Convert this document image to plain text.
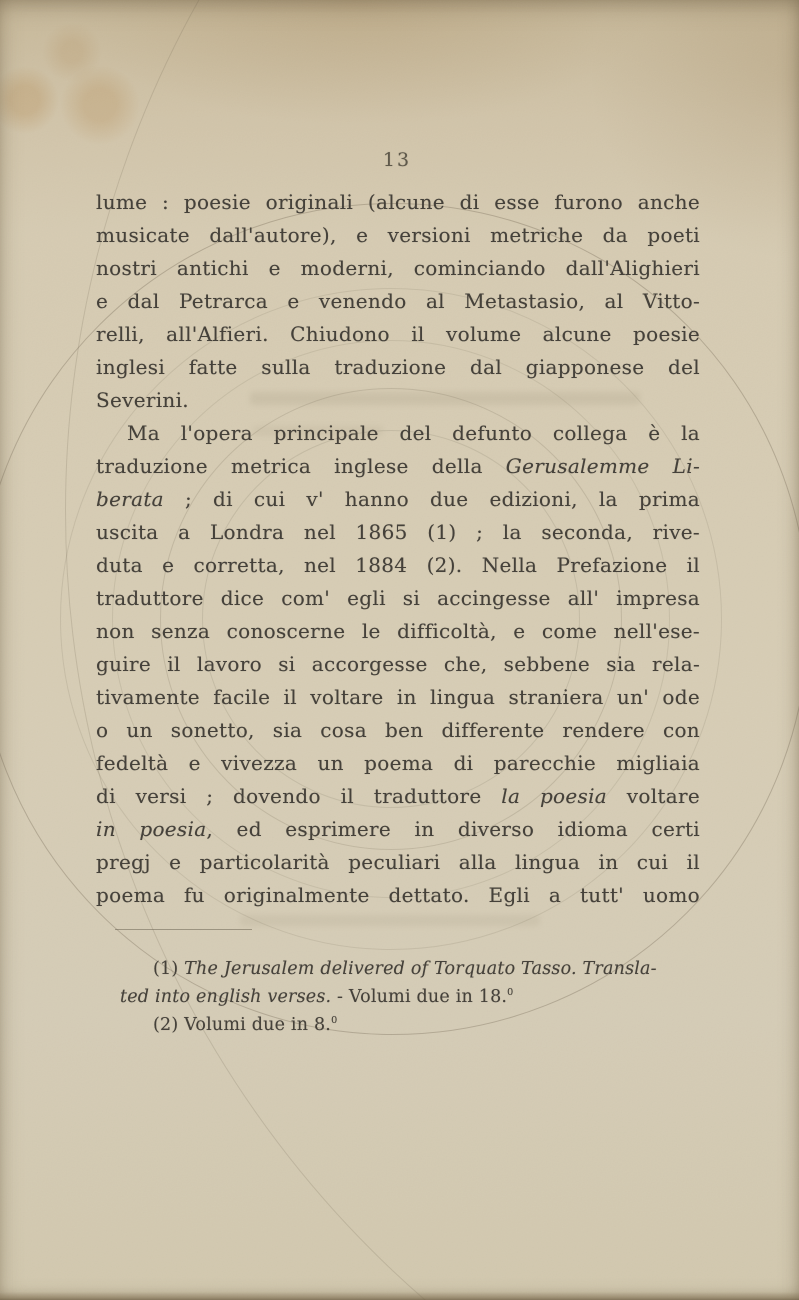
13
lume : poesie originali (alcune di esse furono anche
musicate dall'autore), e versioni metriche da poeti
nostri antichi e moderni, cominciando dall'Alighieri
e dal Petrarca e venendo al Metastasio, al Vitto-
relli, all'Alfieri. Chiudono il volume alcune poesie
inglesi fatte sulla traduzione dal giapponese del
Severini.
Ma l'opera principale del defunto collega è la
traduzione metrica inglese della Gerusalemme Li-
berata ; di cui v' hanno due edizioni, la prima
uscita a Londra nel 1865 (1) ; la seconda, rive-
duta e corretta, nel 1884 (2). Nella Prefazione il
traduttore dice com' egli si accingesse all' impresa
non senza conoscerne le difficoltà, e come nell'ese-
guire il lavoro si accorgesse che, sebbene sia rela-
tivamente facile il voltare in lingua straniera un' ode
o un sonetto, sia cosa ben differente rendere con
fedeltà e vivezza un poema di parecchie migliaia
di versi ; dovendo il traduttore la poesia voltare
in poesia, ed esprimere in diverso idioma certi
pregj e particolarità peculiari alla lingua in cui il
poema fu originalmente dettato. Egli a tutt' uomo
(1) The Jerusalem delivered of Torquato Tasso. Transla-
ted into english verses. - Volumi due in 18.$^0$
(2) Volumi due in 8.$^0$
